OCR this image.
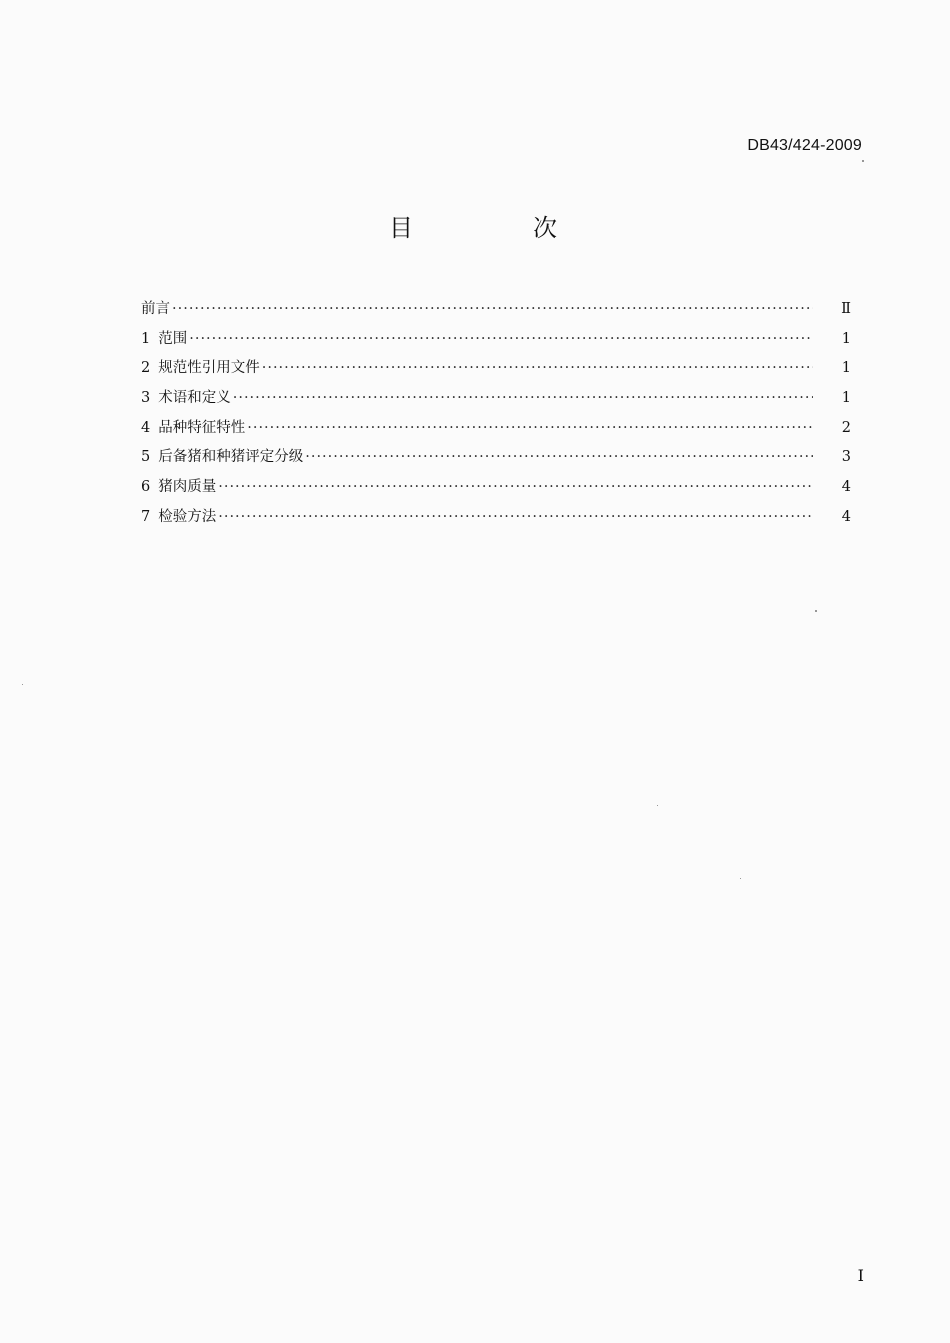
DB43/424-2009
目　次
前言 ·····	Ⅱ
1 范围 ·····	1
2 规范性引用文件 ·····	1
3 术语和定义 ·····	1
4 品种特征特性 ·····	2
5 后备猪和种猪评定分级 ·····	3
6 猪肉质量 ·····	4
7 检验方法 ·····	4
I
